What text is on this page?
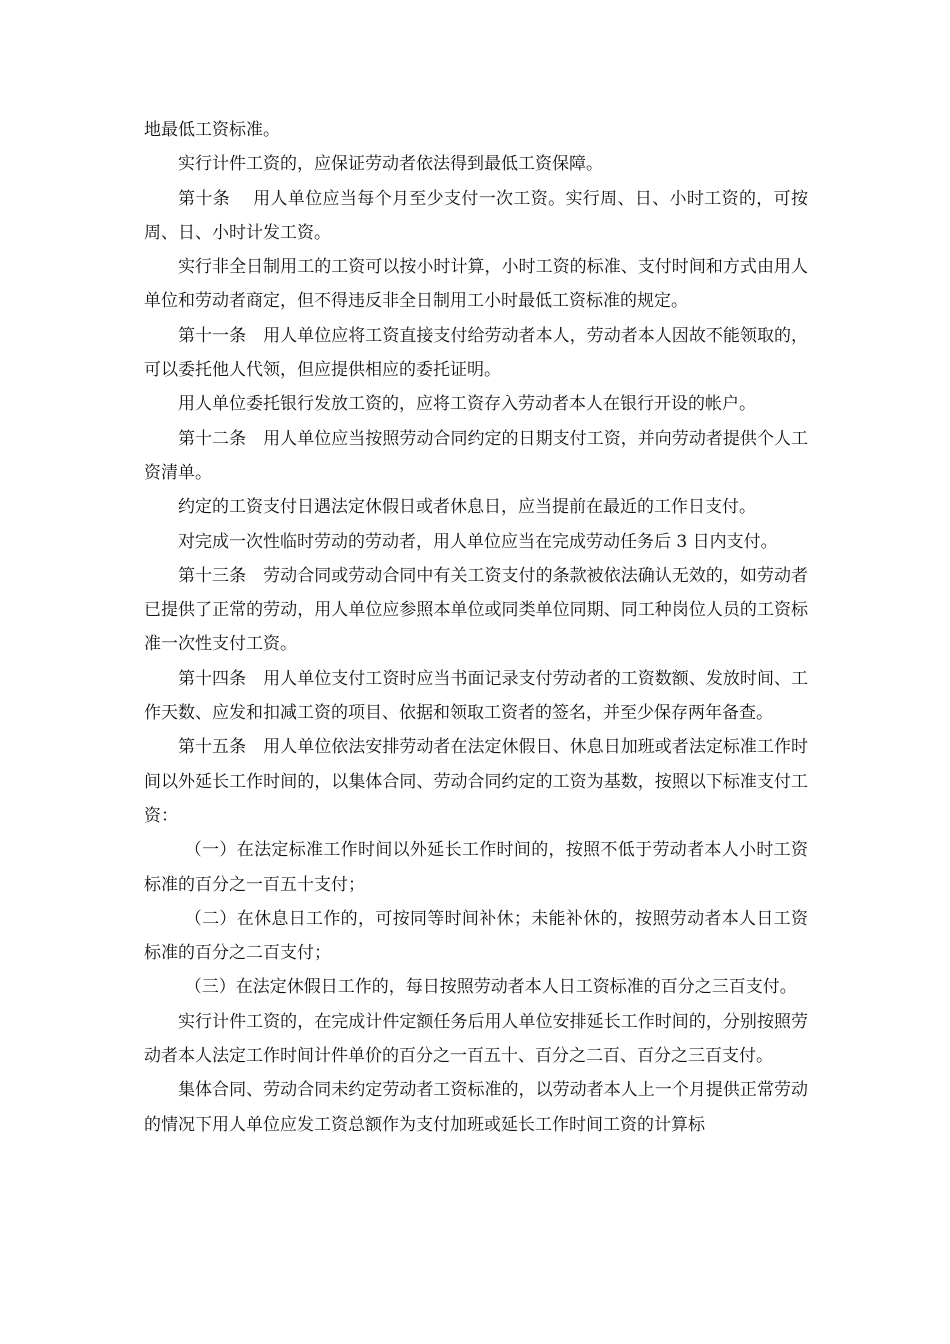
地最低工资标准。

实行计件工资的，应保证劳动者依法得到最低工资保障。

第十条　 用人单位应当每个月至少支付一次工资。实行周、日、小时工资的，可按周、日、小时计发工资。

实行非全日制用工的工资可以按小时计算，小时工资的标准、支付时间和方式由用人单位和劳动者商定，但不得违反非全日制用工小时最低工资标准的规定。

第十一条　用人单位应将工资直接支付给劳动者本人，劳动者本人因故不能领取的，可以委托他人代领，但应提供相应的委托证明。

用人单位委托银行发放工资的，应将工资存入劳动者本人在银行开设的帐户。

第十二条　用人单位应当按照劳动合同约定的日期支付工资，并向劳动者提供个人工资清单。

约定的工资支付日遇法定休假日或者休息日，应当提前在最近的工作日支付。

对完成一次性临时劳动的劳动者，用人单位应当在完成劳动任务后 3 日内支付。

第十三条　劳动合同或劳动合同中有关工资支付的条款被依法确认无效的，如劳动者已提供了正常的劳动，用人单位应参照本单位或同类单位同期、同工种岗位人员的工资标准一次性支付工资。

第十四条　用人单位支付工资时应当书面记录支付劳动者的工资数额、发放时间、工作天数、应发和扣减工资的项目、依据和领取工资者的签名，并至少保存两年备查。

第十五条　用人单位依法安排劳动者在法定休假日、休息日加班或者法定标准工作时间以外延长工作时间的，以集体合同、劳动合同约定的工资为基数，按照以下标准支付工资：

（一）在法定标准工作时间以外延长工作时间的，按照不低于劳动者本人小时工资标准的百分之一百五十支付；

（二）在休息日工作的，可按同等时间补休；未能补休的，按照劳动者本人日工资标准的百分之二百支付；

（三）在法定休假日工作的，每日按照劳动者本人日工资标准的百分之三百支付。

实行计件工资的，在完成计件定额任务后用人单位安排延长工作时间的，分别按照劳动者本人法定工作时间计件单价的百分之一百五十、百分之二百、百分之三百支付。

集体合同、劳动合同未约定劳动者工资标准的，以劳动者本人上一个月提供正常劳动的情况下用人单位应发工资总额作为支付加班或延长工作时间工资的计算标
